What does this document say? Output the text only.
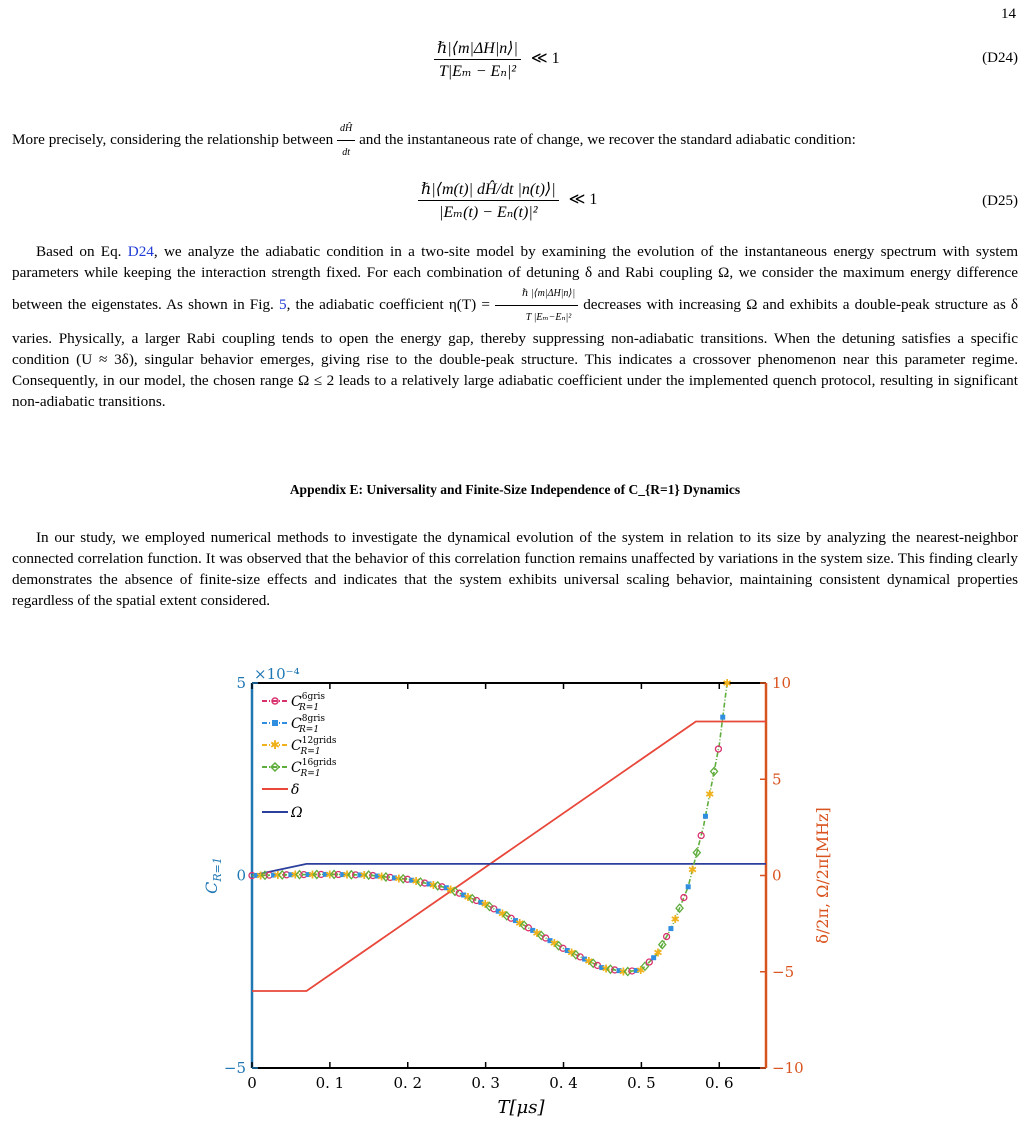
14
$\frac{\text{ℏ|⟨m|ΔH|n⟩|}}{\text{T|Eₘ − Eₙ|²}}$ ≪ 1	(D24)

More precisely, considering the relationship between $\frac{dĤ}{dt}$ and the instantaneous rate of change, we recover the standard adiabatic condition:

$\frac{\text{ℏ|⟨m(t)| dĤ/dt |n(t)⟩|}}{\text{|Eₘ(t) − Eₙ(t)|²}}$ ≪ 1	(D25)

Based on Eq. D24, we analyze the adiabatic condition in a two-site model by examining the evolution of the instantaneous energy spectrum with system parameters while keeping the interaction strength fixed. For each combination of detuning δ and Rabi coupling Ω, we consider the maximum energy difference between the eigenstates. As shown in Fig. 5, the adiabatic coefficient $\eta(T) = \frac{\text{ℏ |⟨m|ΔH|n⟩|}}{\text{T |Eₘ−Eₙ|²}}$ decreases with increasing Ω and exhibits a double-peak structure as δ varies. Physically, a larger Rabi coupling tends to open the energy gap, thereby suppressing non-adiabatic transitions. When the detuning satisfies a specific condition (U ≈ 3δ), singular behavior emerges, giving rise to the double-peak structure. This indicates a crossover phenomenon near this parameter regime. Consequently, in our model, the chosen range Ω ≤ 2 leads to a relatively large adiabatic coefficient under the implemented quench protocol, resulting in significant non-adiabatic transitions.

Appendix E: Universality and Finite-Size Independence of C_{R=1} Dynamics

In our study, we employed numerical methods to investigate the dynamical evolution of the system in relation to its size by analyzing the nearest-neighbor connected correlation function. It was observed that the behavior of this correlation function remains unaffected by variations in the system size. This finding clearly demonstrates the absence of finite-size effects and indicates that the system exhibits universal scaling behavior, maintaining consistent dynamical properties regardless of the spatial extent considered.

0	0. 1	0. 2	0. 3	0. 4	0. 5	0. 6
−5
0
5
−10
−5
0
5
10
×10⁻⁴
T[μs]
$C_{R=1}$	δ/2π, Ω/2π[MHz]
✱ ✱ ✱ ✱ ✱ ✱ ✱ ✱ ✱ ✱ ✱ ✱
✱
✱
✱
✱
✱
✱
✱
✱
✱ ✱ ✱
✱
✱
✱
✱
✱
$C^{6gris}$ R=1
$C^{8gris}$ R=1
✱ $C^{12grids}$ R=1
$C^{16grids}$ R=1
δ
Ω
